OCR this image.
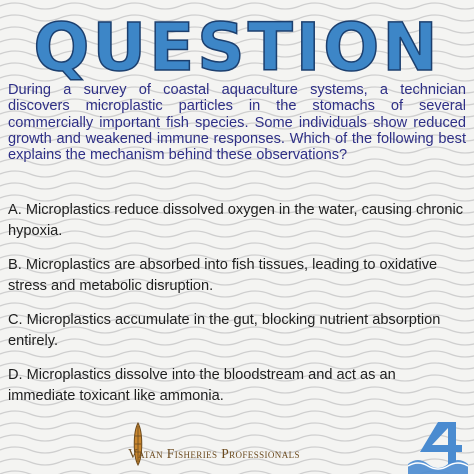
QUESTION
During a survey of coastal aquaculture systems, a technician discovers microplastic particles in the stomachs of several commercially important fish species. Some individuals show reduced growth and weakened immune responses. Which of the following best explains the mechanism behind these observations?
A. Microplastics reduce dissolved oxygen in the water, causing chronic hypoxia.
B. Microplastics are absorbed into fish tissues, leading to oxidative stress and metabolic disruption.
C. Microplastics accumulate in the gut, blocking nutrient absorption entirely.
D. Microplastics dissolve into the bloodstream and act as an immediate toxicant like ammonia.
Vatan Fisheries Professionals
